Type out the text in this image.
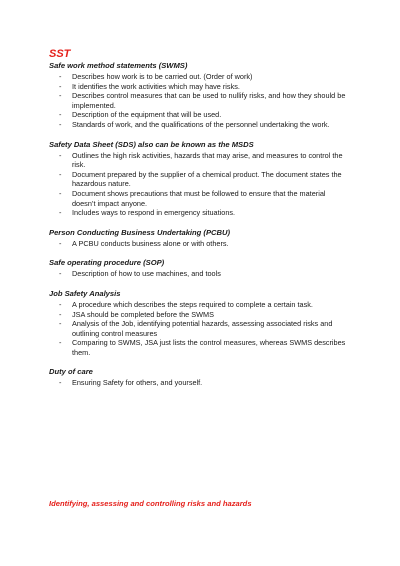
SST

Safe work method statements (SWMS)

- Describes how work is to be carried out. (Order of work)
- It identifies the work activities which may have risks.
- Describes control measures that can be used to nullify risks, and how they should be implemented.
- Description of the equipment that will be used.
- Standards of work, and the qualifications of the personnel undertaking the work.

Safety Data Sheet (SDS) also can be known as the MSDS

- Outlines the high risk activities, hazards that may arise, and measures to control the risk.
- Document prepared by the supplier of a chemical product. The document states the hazardous nature.
- Document shows precautions that must be followed to ensure that the material doesn’t impact anyone.
- Includes ways to respond in emergency situations.

Person Conducting Business Undertaking (PCBU)

- A PCBU conducts business alone or with others.

Safe operating procedure (SOP)

- Description of how to use machines, and tools

Job Safety Analysis

- A procedure which describes the steps required to complete a certain task.
- JSA should be completed before the SWMS
- Analysis of the Job, identifying potential hazards, assessing associated risks and outlining control measures
- Comparing to SWMS, JSA just lists the control measures, whereas SWMS describes them.

Duty of care

- Ensuring Safety for others, and yourself.

Identifying, assessing and controlling risks and hazards
